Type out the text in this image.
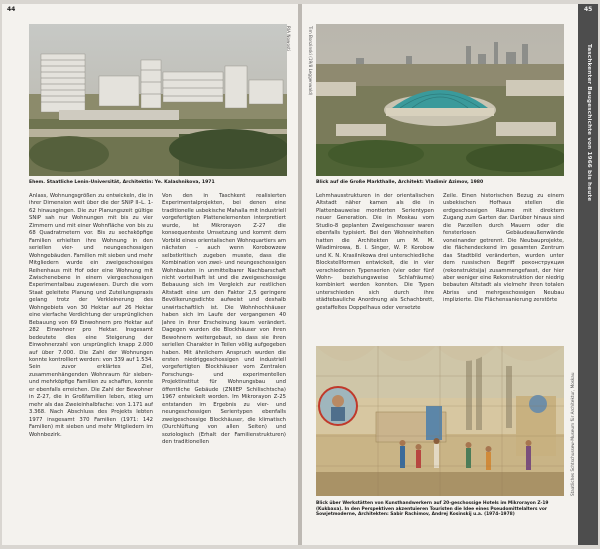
44
RIA Nowosti
Ehem. Staatliche Lenin-Universität, Architektin: Ye. Kalashnikova, 1971
Anlass, Wohnungsgrößen zu entwickeln, die in ihrer Dimension weit über die der SNiP II–L. 1-62 hinausgingen. Die zur Planungszeit gültige SNiP sah nur Wohnungen mit bis zu vier Zimmern und mit einer Wohnfläche von bis zu 68 Quadratmetern vor. Bis zu sechsköpfige Familien erhielten ihre Wohnung in den seriellen vier- und neungeschossigen Wohngebäuden. Familien mit sieben und mehr Mitgliedern wurde ein zweigeschossiges Reihenhaus mit Hof oder eine Wohnung mit Zwischenebene in einem viergeschossigen Experimentalbau zugewiesen. Durch die vom Staat geleitete Planung und Zuteilungspraxis gelang trotz der Verkleinerung des Wohngebiets von 30 Hektar auf 26 Hektar eine vierfache Verdichtung der ursprünglichen Bebauung von 69 Einwohnern pro Hektar auf 282 Einwohner pro Hektar. Insgesamt bedeutete dies eine Steigerung der Einwohnerzahl von ursprünglich knapp 2.000 auf über 7.000. Die Zahl der Wohnungen konnte kontrolliert werden: von 339 auf 1.534. Sein zuvor erklärtes Ziel, zusammenhängenden Wohnraum für sieben- und mehrköpfige Familien zu schaffen, konnte er ebenfalls erreichen. Die Zahl der Bewohner in Z-27, die in Großfamilien leben, stieg um mehr als das Zweieinhalbfache: von 1.171 auf 3.368. Nach Abschluss des Projekts lebten 1977 insgesamt 370 Familien (1971: 142 Familien) mit sieben und mehr Mitgliedern im Wohnbezirk.
Von den in Taschkent realisierten Experimentalprojekten, bei denen eine traditionelle usbekische Mahalla mit industriell vorgefertigten Plattenelementen interpretiert wurde, ist Mikrorayon Z-27 die konsequenteste Umsetzung und kommt dem Vorbild eines orientalischen Wohnquartiers am nächsten – auch wenn Korobowzew selbstkritisch zugeben musste, dass die Kombination von zwei- und neungeschossigen Wohnbauten in unmittelbarer Nachbarschaft nicht vorteilhaft ist und die zweigeschossige Bebauung sich im Vergleich zur restlichen Altstadt eine um den Faktor 2,5 geringere Bevölkerungsdichte aufweist und deshalb unwirtschaftlich ist. Die Wohnhochhäuser haben sich im Laufe der vergangenen 40 Jahre in ihrer Erscheinung kaum verändert. Dagegen wurden die Blockhäuser von ihren Bewohnern weitergebaut, so dass sie ihren seriellen Charakter in Teilen völlig aufgegeben haben. Mit ähnlichem Anspruch wurden die ersten niedriggeschossigen und industriell vorgefertigten Blockhäuser vom Zentralen Forschungs- und experimentellen Projektinstitut für Wohnungsbau und öffentliche Gebäude (ZNIIEP Schilischtscha) 1967 entwickelt worden. Im Mikrorayon Z-25 entstanden im Ergebnis zu vier- und neungeschossigen Serientypen ebenfalls zweigeschossige Blockhäuser, die klimatisch (Durchlüftung von allen Seiten) und soziologisch (Erhalt der Familienstrukturen) den traditionellen
Tim Bonzinski (19/8 Leggenwald)
Blick auf die Große Markthalle, Architekt: Vladimir Azimov, 1980
Lehmhausstrukturen in der orientalischen Altstadt näher kamen als die in Plattenbauweise montierten Serientypen neuer Generation. Die in Moskau vom Studio-8 geplanten Zweigeschosser waren ebenfalls typisiert. Bei den Wohneinheiten hatten die Architekten um M. M. Wladimirowa, B. I. Singer, W. P. Korobow und K. N. Krasilnikowa drei unterschiedliche Blockstellformen entwickelt, die in vier verschiedenen Typenserien (vier oder fünf Wohn- beziehungsweise Schlafräume) kombiniert werden konnten. Die Typen unterschieden sich durch ihre städtebauliche Anordnung als Schachbrett, gestaffeltes Doppelhaus oder versetzte
Zeile. Einen historischen Bezug zu einem usbekischen Hofhaus stellen die erdgeschossigen Räume mit direktem Zugang zum Garten dar. Darüber hinaus sind die Parzellen durch Mauern oder die fensterlosen Gebäudeaußenwände voneinander getrennt. Die Neubauprojekte, die flächendeckend im gesamten Zentrum das Stadtbild veränderten, wurden unter dem russischen Begriff реконструкция (rekonstruktsija) zusammengefasst, der hier aber weniger eine Rekonstruktion der niedrig bebauten Altstadt als vielmehr ihren totalen Abriss und mehrgeschossigen Neubau implizierte. Die Flächensanierung zerstörte
Blick über Werkstätten von Kunsthandwerkern auf 20-geschossige Hotels im Mikrorayon Z-19 (Kukbaxa). In den Perspektiven akzentuieren Touristen die Idee eines Pseudomittelalters vor Sowjetmoderne, Architekten: Sabir Rachimov, Andrej Kosinskij u.a. (1974–1978)
Staatliches Schtschussew-Museum für Architektur, Moskau
45
Taschkenter Baugeschichte von 1966 bis heute
